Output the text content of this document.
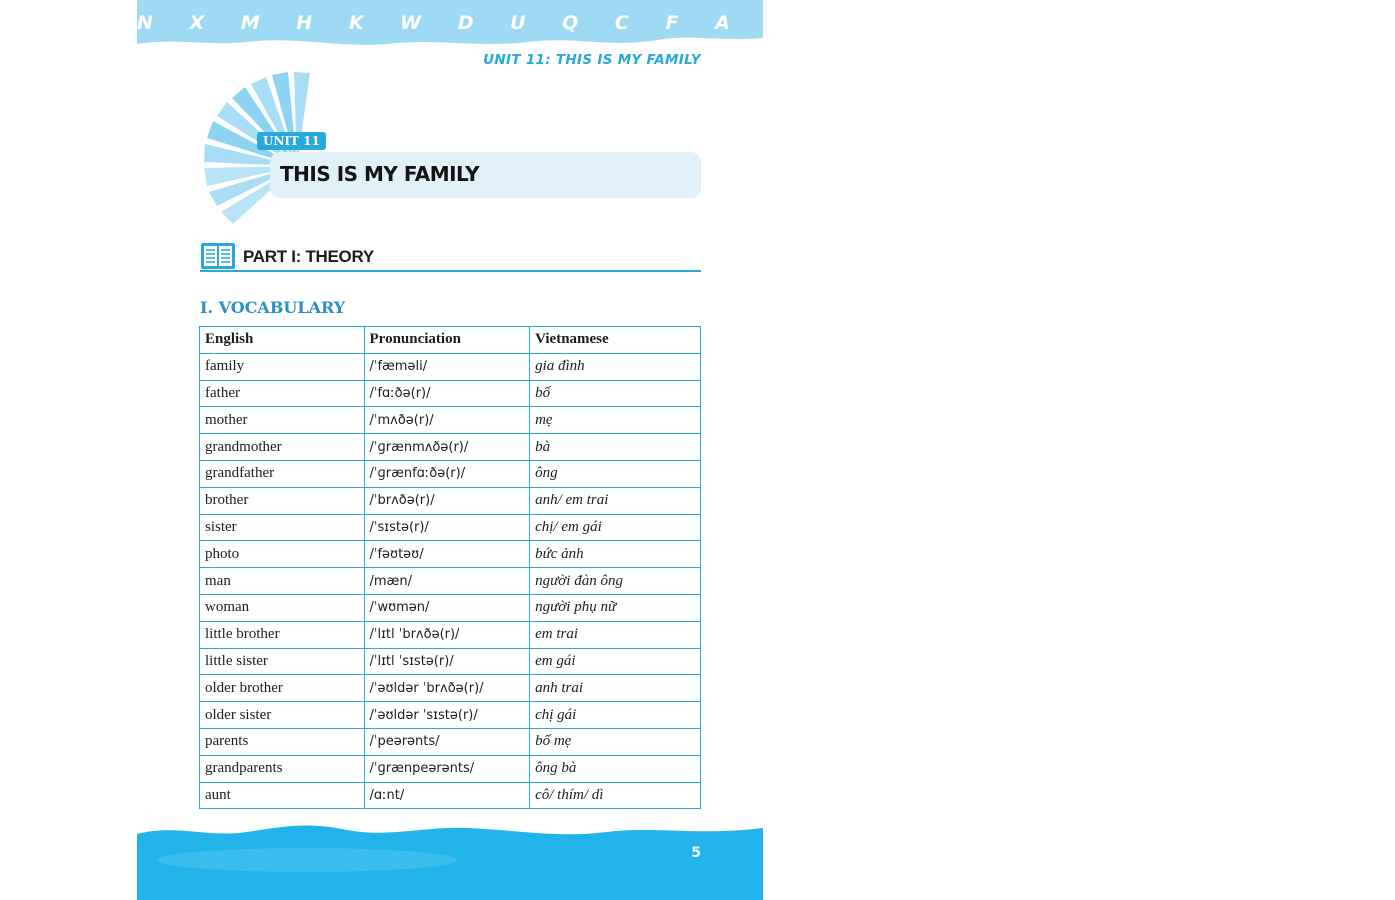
N X M H K W D U Q C F A C / L E V R Y Z T B O S P
UNIT 11: THIS IS MY FAMILY
UNIT 11
THIS IS MY FAMILY
PART I: THEORY
I. VOCABULARY
English	Pronunciation	Vietnamese
family	/ˈfæməli/	gia đình
father	/ˈfɑːðə(r)/	bố
mother	/ˈmʌðə(r)/	mẹ
grandmother	/ˈɡrænmʌðə(r)/	bà
grandfather	/ˈɡrænfɑːðə(r)/	ông
brother	/ˈbrʌðə(r)/	anh/ em trai
sister	/ˈsɪstə(r)/	chị/ em gái
photo	/ˈfəʊtəʊ/	bức ảnh
man	/mæn/	người đàn ông
woman	/ˈwʊmən/	người phụ nữ
little brother	/ˈlɪtl ˈbrʌðə(r)/	em trai
little sister	/ˈlɪtl ˈsɪstə(r)/	em gái
older brother	/ˈəʊldər ˈbrʌðə(r)/	anh trai
older sister	/ˈəʊldər ˈsɪstə(r)/	chị gái
parents	/ˈpeərənts/	bố mẹ
grandparents	/ˈɡrænpeərənts/	ông bà
aunt	/ɑːnt/	cô/ thím/ dì
5
